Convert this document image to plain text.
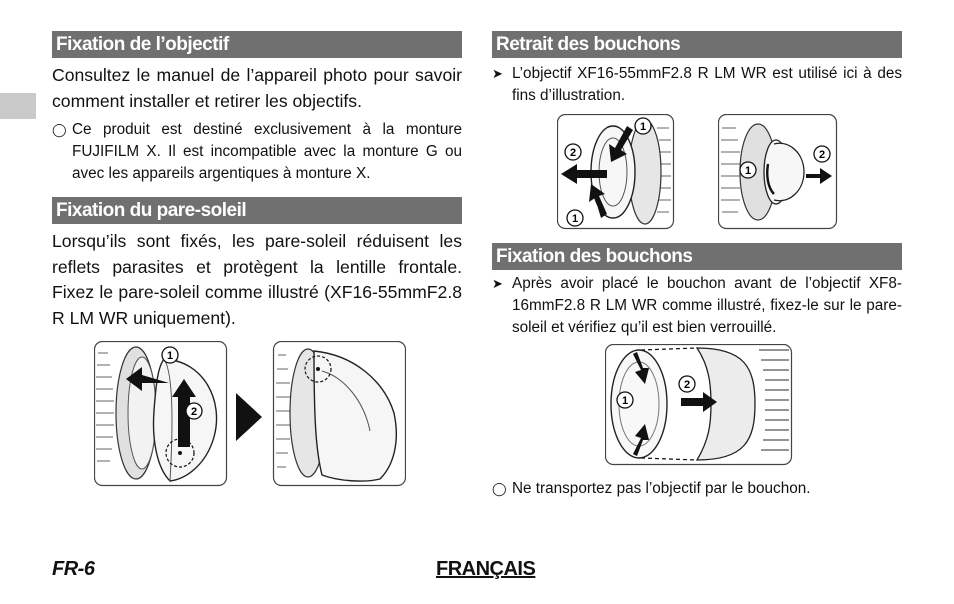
Fixation de l’objectif

Consultez le manuel de l’appareil photo pour savoir comment installer et retirer les objectifs.

◯ Ce produit est destiné exclusivement à la monture FUJIFILM X. Il est incompatible avec la monture G ou avec les appareils argentiques à monture X.
Fixation du pare-soleil

Lorsqu’ils sont fixés, les pare-soleil réduisent les reflets parasites et protègent la lentille frontale. Fixez le pare-soleil comme illustré (XF16-55mmF2.8 R LM WR uniquement).

1
2
Retrait des bouchons
➤ L’objectif XF16-55mmF2.8 R LM WR est utilisé ici à des fins d’illustration.
Fixation des bouchons
➤ Après avoir placé le bouchon avant de l’objectif XF8-16mmF2.8 R LM WR comme illustré, fixez-le sur le pare-soleil et vérifiez qu’il est bien verrouillé.
◯ Ne transportez pas l’objectif par le bouchon.
1
2
1
1
2
2
1
FR-6	FRANÇAIS
